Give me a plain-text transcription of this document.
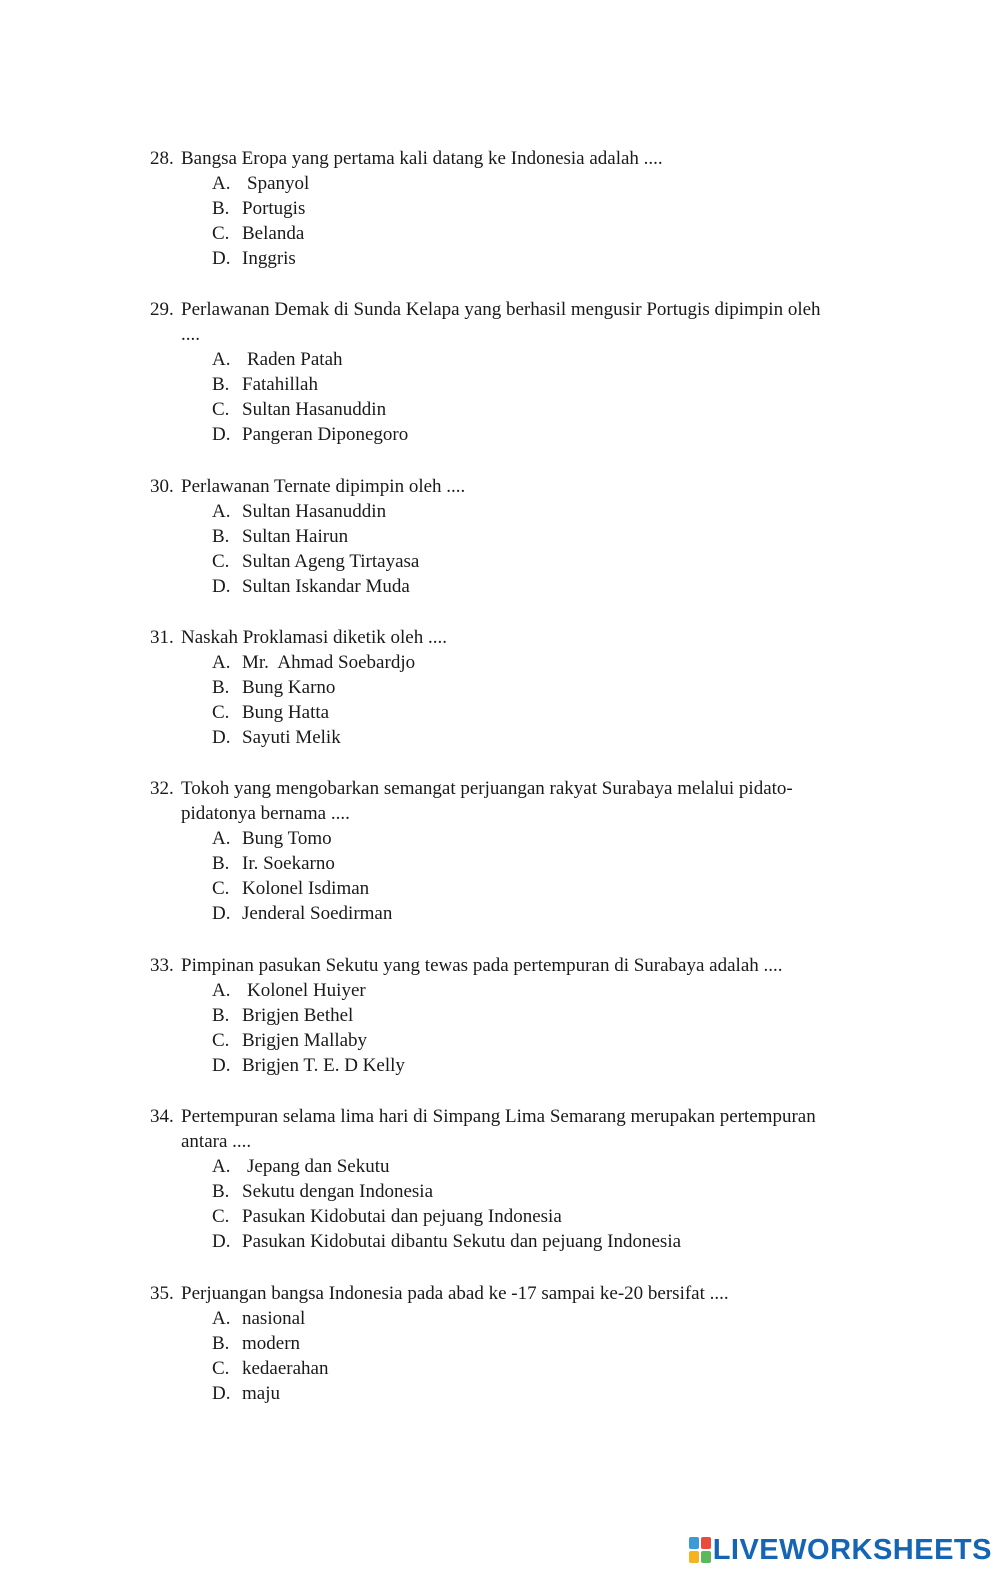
28. Bangsa Eropa yang pertama kali datang ke Indonesia adalah ....
A. Spanyol
B. Portugis
C. Belanda
D. Inggris
29. Perlawanan Demak di Sunda Kelapa yang berhasil mengusir Portugis dipimpin oleh
....
A. Raden Patah
B. Fatahillah
C. Sultan Hasanuddin
D. Pangeran Diponegoro
30. Perlawanan Ternate dipimpin oleh ....
A. Sultan Hasanuddin
B. Sultan Hairun
C. Sultan Ageng Tirtayasa
D. Sultan Iskandar Muda
31. Naskah Proklamasi diketik oleh ....
A. Mr.  Ahmad Soebardjo
B. Bung Karno
C. Bung Hatta
D. Sayuti Melik
32. Tokoh yang mengobarkan semangat perjuangan rakyat Surabaya melalui pidato-
pidatonya bernama ....
A. Bung Tomo
B. Ir. Soekarno
C. Kolonel Isdiman
D. Jenderal Soedirman
33. Pimpinan pasukan Sekutu yang tewas pada pertempuran di Surabaya adalah ....
A. Kolonel Huiyer
B. Brigjen Bethel
C. Brigjen Mallaby
D. Brigjen T. E. D Kelly
34. Pertempuran selama lima hari di Simpang Lima Semarang merupakan pertempuran
antara ....
A. Jepang dan Sekutu
B. Sekutu dengan Indonesia
C. Pasukan Kidobutai dan pejuang Indonesia
D. Pasukan Kidobutai dibantu Sekutu dan pejuang Indonesia
35. Perjuangan bangsa Indonesia pada abad ke -17 sampai ke-20 bersifat ....
A. nasional
B. modern
C. kedaerahan
D. maju
LIVEWORKSHEETS
